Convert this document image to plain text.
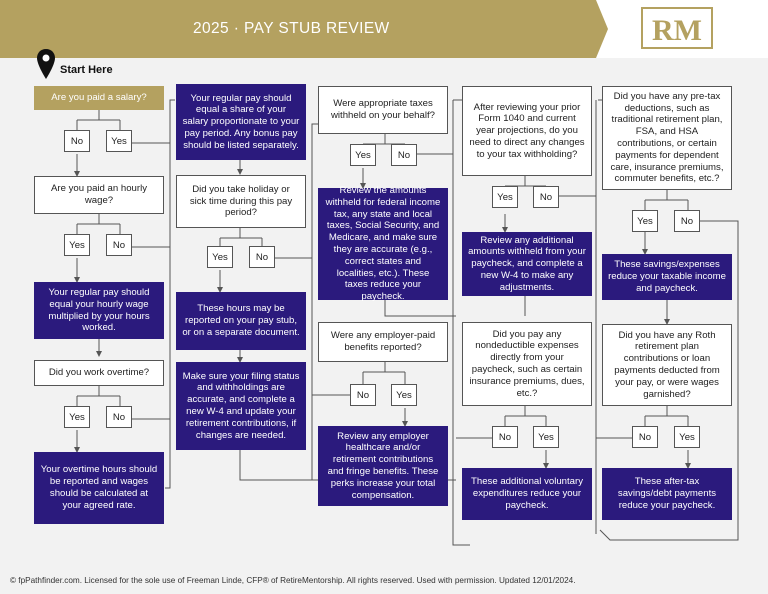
2025 · PAY STUB REVIEW	RM
Start Here
Are you paid a salary?
No	Yes
Are you paid an hourly wage?
Yes	No
Your regular pay should equal your hourly wage multiplied by your hours worked.
Did you work overtime?
Yes	No
Your overtime hours should be reported and wages should be calculated at your agreed rate.
Your regular pay should equal a share of your salary proportionate to your pay period. Any bonus pay should be listed separately.
Did you take holiday or sick time during this pay period?
Yes	No
These hours may be reported on your pay stub, or on a separate document.
Make sure your filing status and withholdings are accurate, and complete a new W-4 and update your retirement contributions, if changes are needed.
Were appropriate taxes withheld on your behalf?
Yes	No
Review the amounts withheld for federal income tax, any state and local taxes, Social Security, and Medicare, and make sure they are accurate (e.g., correct states and localities, etc.). These taxes reduce your paycheck.
Were any employer-paid benefits reported?
No	Yes
Review any employer healthcare and/or retirement contributions and fringe benefits. These perks increase your total compensation.
After reviewing your prior Form 1040 and current year projections, do you need to direct any changes to your tax withholding?
Yes	No
Review any additional amounts withheld from your paycheck, and complete a new W-4 to make any adjustments.
Did you pay any nondeductible expenses directly from your paycheck, such as certain insurance premiums, dues, etc.?
No	Yes
These additional voluntary expenditures reduce your paycheck.
Did you have any pre-tax deductions, such as traditional retirement plan, FSA, and HSA contributions, or certain payments for dependent care, insurance premiums, commuter benefits, etc.?
Yes	No
These savings/expenses reduce your taxable income and paycheck.
Did you have any Roth retirement plan contributions or loan payments deducted from your pay, or were wages garnished?
No	Yes
These after-tax savings/debt payments reduce your paycheck.
© fpPathfinder.com. Licensed for the sole use of Freeman Linde, CFP® of RetireMentorship. All rights reserved. Used with permission. Updated 12/01/2024.
